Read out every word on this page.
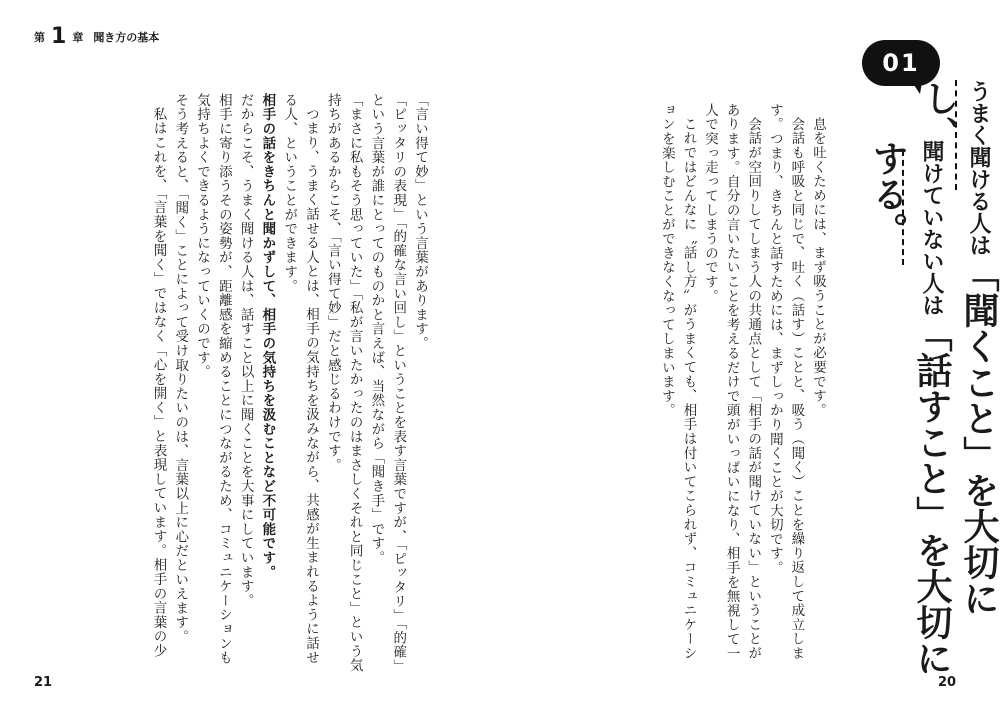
第 1 章 聞き方の基本
01
うまく聞ける人は「聞くこと」を大切にし、
聞けていない人は「話すこと」を大切にする。

息を吐くためには、まず吸うことが必要です。

会話も呼吸と同じで、吐く（話す）ことと、吸う（聞く）ことを繰り返して成立します。つまり、きちんと話すためには、まずしっかり聞くことが大切です。

会話が空回りしてしまう人の共通点として「相手の話が聞けていない」ということがあります。自分の言いたいことを考えるだけで頭がいっぱいになり、相手を無視して一人で突っ走ってしまうのです。

これではどんなに〝話し方〟がうまくても、相手は付いてこられず、コミュニケーションを楽しむことができなくなってしまいます。

「言い得て妙」という言葉があります。

「ピッタリの表現」「的確な言い回し」ということを表す言葉ですが、「ピッタリ」「的確」という言葉が誰にとってのものかと言えば、当然ながら「聞き手」です。

「まさに私もそう思っていた」「私が言いたかったのはまさしくそれと同じこと」という気持ちがあるからこそ、「言い得て妙」だと感じるわけです。

つまり、うまく話せる人とは、相手の気持ちを汲みながら、共感が生まれるように話せる人、ということができます。

相手の話をきちんと聞かずして、相手の気持ちを汲むことなど不可能です。

だからこそ、うまく聞ける人は、話すこと以上に聞くことを大事にしています。

相手に寄り添うその姿勢が、距離感を縮めることにつながるため、コミュニケーションも気持ちよくできるようになっていくのです。

そう考えると、「聞く」ことによって受け取りたいのは、言葉以上に心だといえます。

私はこれを、「言葉を聞く」ではなく「心を開く」と表現しています。相手の言葉の少

21	20
